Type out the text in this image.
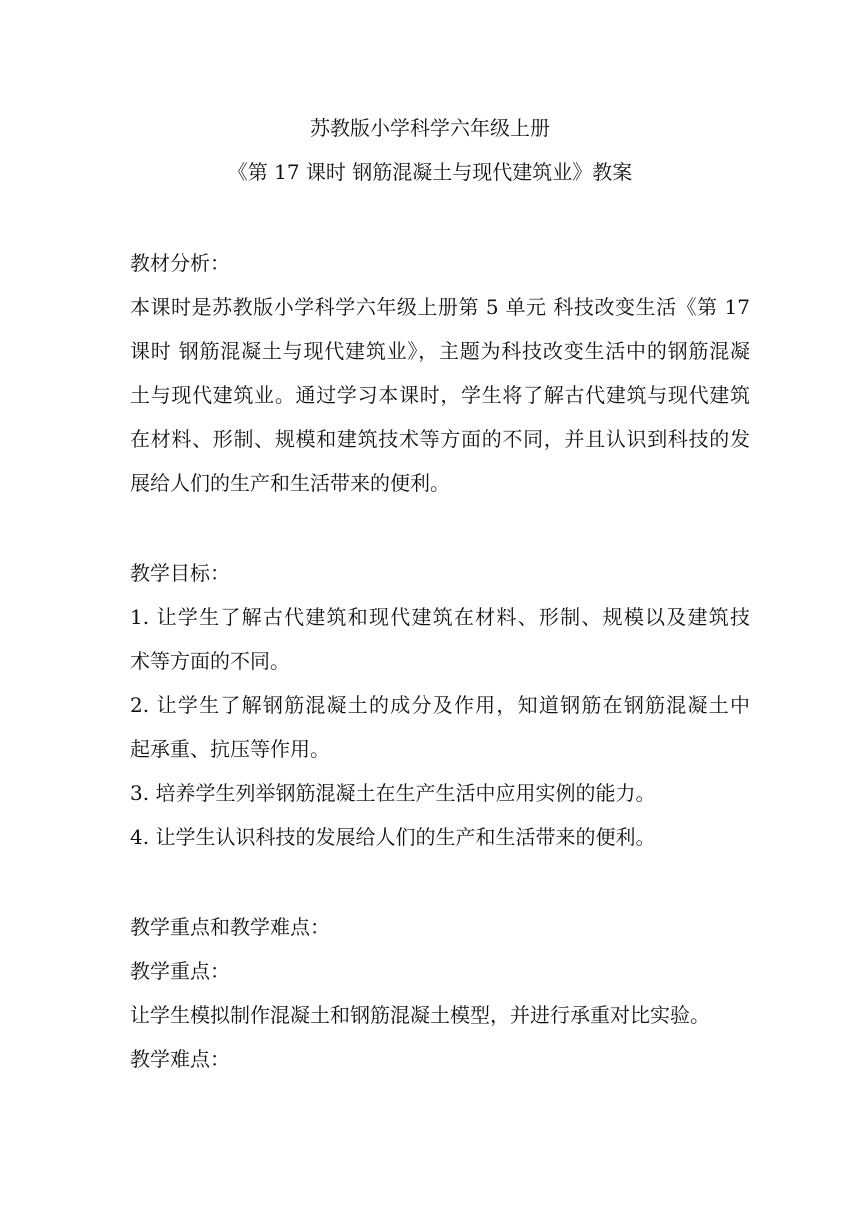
苏教版小学科学六年级上册
《第 17 课时 钢筋混凝土与现代建筑业》教案
教材分析：
本课时是苏教版小学科学六年级上册第 5 单元 科技改变生活《第 17
课时 钢筋混凝土与现代建筑业》，主题为科技改变生活中的钢筋混凝
土与现代建筑业。通过学习本课时，学生将了解古代建筑与现代建筑
在材料、形制、规模和建筑技术等方面的不同，并且认识到科技的发
展给人们的生产和生活带来的便利。
教学目标：
1. 让学生了解古代建筑和现代建筑在材料、形制、规模以及建筑技
术等方面的不同。
2. 让学生了解钢筋混凝土的成分及作用，知道钢筋在钢筋混凝土中
起承重、抗压等作用。
3. 培养学生列举钢筋混凝土在生产生活中应用实例的能力。
4. 让学生认识科技的发展给人们的生产和生活带来的便利。
教学重点和教学难点：
教学重点：
让学生模拟制作混凝土和钢筋混凝土模型，并进行承重对比实验。
教学难点：
